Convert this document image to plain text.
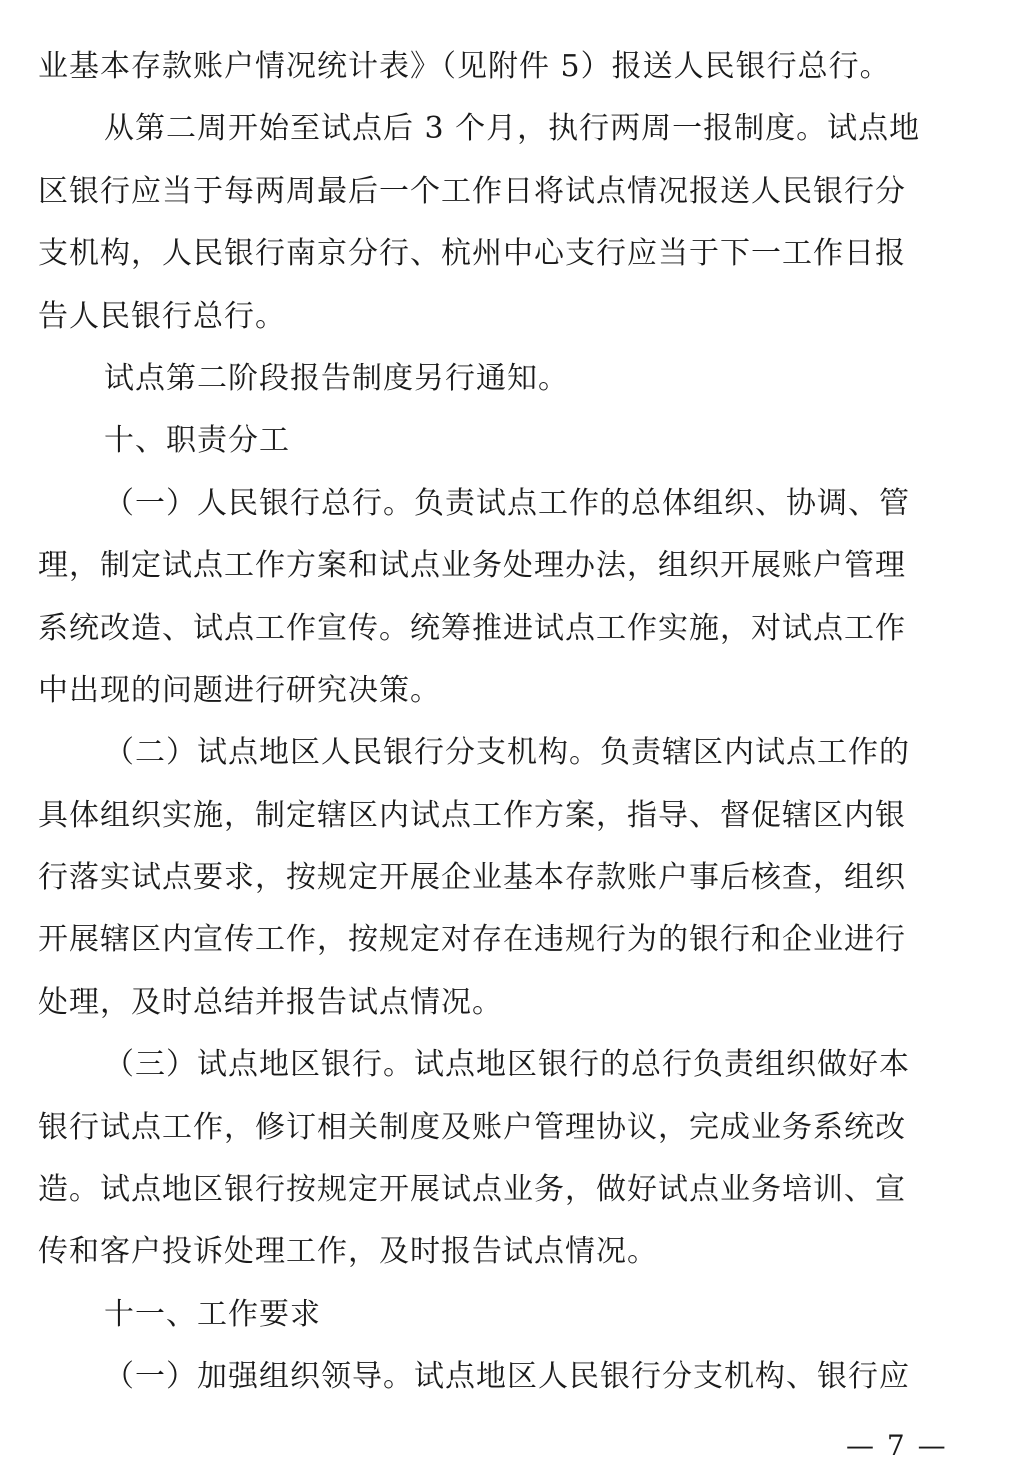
业基本存款账户情况统计表》（见附件 5）报送人民银行总行。
从第二周开始至试点后 3 个月，执行两周一报制度。试点地
区银行应当于每两周最后一个工作日将试点情况报送人民银行分
支机构，人民银行南京分行、杭州中心支行应当于下一工作日报
告人民银行总行。
试点第二阶段报告制度另行通知。
十、职责分工
（一）人民银行总行。负责试点工作的总体组织、协调、管
理，制定试点工作方案和试点业务处理办法，组织开展账户管理
系统改造、试点工作宣传。统筹推进试点工作实施，对试点工作
中出现的问题进行研究决策。
（二）试点地区人民银行分支机构。负责辖区内试点工作的
具体组织实施，制定辖区内试点工作方案，指导、督促辖区内银
行落实试点要求，按规定开展企业基本存款账户事后核查，组织
开展辖区内宣传工作，按规定对存在违规行为的银行和企业进行
处理，及时总结并报告试点情况。
（三）试点地区银行。试点地区银行的总行负责组织做好本
银行试点工作，修订相关制度及账户管理协议，完成业务系统改
造。试点地区银行按规定开展试点业务，做好试点业务培训、宣
传和客户投诉处理工作，及时报告试点情况。
十一、工作要求
（一）加强组织领导。试点地区人民银行分支机构、银行应
— 7 —
